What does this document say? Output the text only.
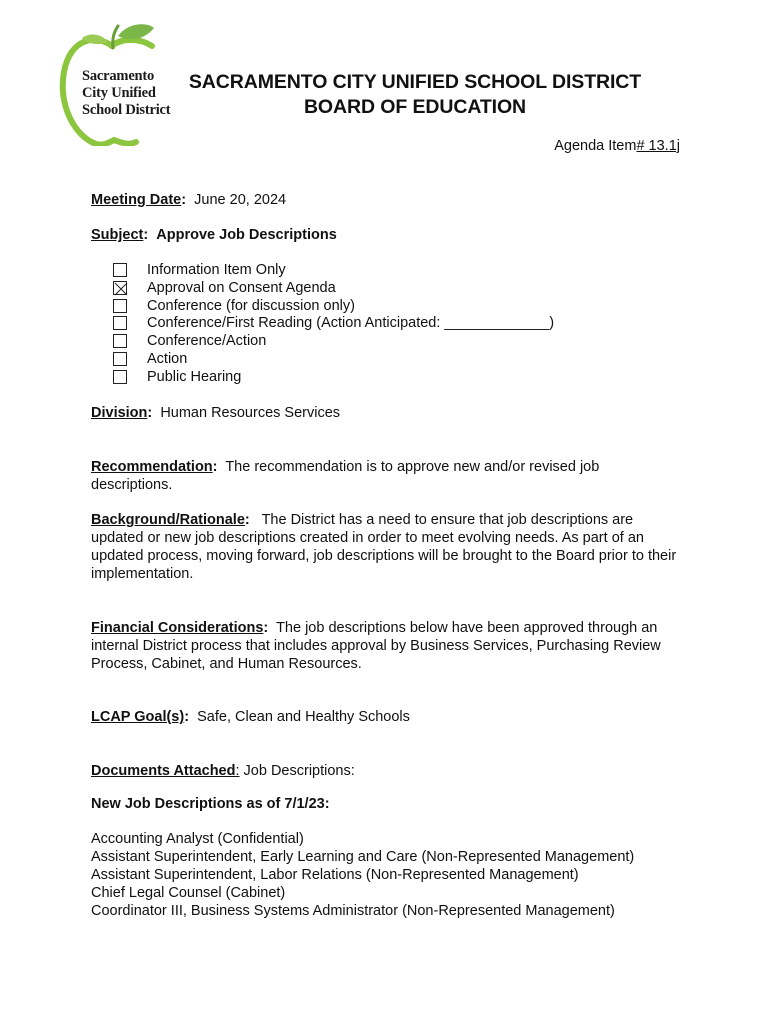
Sacramento
City Unified
School District
SACRAMENTO CITY UNIFIED SCHOOL DISTRICT
BOARD OF EDUCATION
Agenda Item# 13.1j

Meeting Date: June 20, 2024

Subject: Approve Job Descriptions

Information Item Only
Approval on Consent Agenda
Conference (for discussion only)
Conference/First Reading (Action Anticipated: _____________)
Conference/Action
Action
Public Hearing

Division: Human Resources Services

Recommendation: The recommendation is to approve new and/or revised job descriptions.

Background/Rationale: The District has a need to ensure that job descriptions are updated or new job descriptions created in order to meet evolving needs. As part of an updated process, moving forward, job descriptions will be brought to the Board prior to their implementation.

Financial Considerations: The job descriptions below have been approved through an internal District process that includes approval by Business Services, Purchasing Review Process, Cabinet, and Human Resources.

LCAP Goal(s): Safe, Clean and Healthy Schools

Documents Attached: Job Descriptions:

New Job Descriptions as of 7/1/23:

Accounting Analyst (Confidential)
Assistant Superintendent, Early Learning and Care (Non-Represented Management)
Assistant Superintendent, Labor Relations (Non-Represented Management)
Chief Legal Counsel (Cabinet)
Coordinator III, Business Systems Administrator (Non-Represented Management)
